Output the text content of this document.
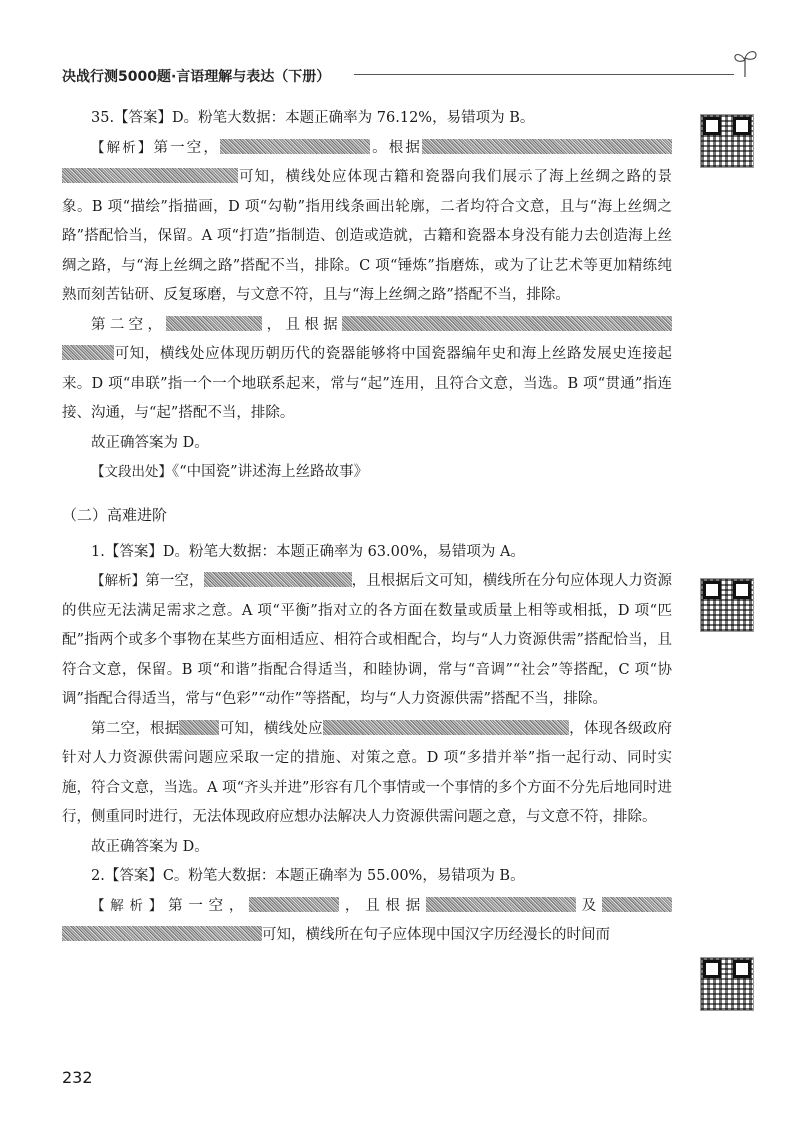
决战行测5000题·言语理解与表达（下册）

35.【答案】D。粉笔大数据：本题正确率为 76.12%，易错项为 B。

【解析】第一空，	。根据可知，横线处应体现古籍和瓷器向我们展示了海上丝绸之路的景象。B 项“描绘”指描画，D 项“勾勒”指用线条画出轮廓，二者均符合文意，且与“海上丝绸之路”搭配恰当，保留。A 项“打造”指制造、创造或造就，古籍和瓷器本身没有能力去创造海上丝绸之路，与“海上丝绸之路”搭配不当，排除。C 项“锤炼”指磨炼，或为了让艺术等更加精练纯熟而刻苦钻研、反复琢磨，与文意不符，且与“海上丝绸之路”搭配不当，排除。

第二空，	，且根据可知，横线处应体现历朝历代的瓷器能够将中国瓷器编年史和海上丝路发展史连接起来。D 项“串联”指一个一个地联系起来，常与“起”连用，且符合文意，当选。B 项“贯通”指连接、沟通，与“起”搭配不当，排除。

故正确答案为 D。

【文段出处】《“中国瓷”讲述海上丝路故事》

（二）高难进阶

1.【答案】D。粉笔大数据：本题正确率为 63.00%，易错项为 A。

【解析】第一空，	，且根据后文可知，横线所在分句应体现人力资源的供应无法满足需求之意。A 项“平衡”指对立的各方面在数量或质量上相等或相抵，D 项“匹配”指两个或多个事物在某些方面相适应、相符合或相配合，均与“人力资源供需”搭配恰当，且符合文意，保留。B 项“和谐”指配合得适当，和睦协调，常与“音调”“社会”等搭配，C 项“协调”指配合得适当，常与“色彩”“动作”等搭配，均与“人力资源供需”搭配不当，排除。

第二空，根据	可知，横线处应	，体现各级政府针对人力资源供需问题应采取一定的措施、对策之意。D 项“多措并举”指一起行动、同时实施，符合文意，当选。A 项“齐头并进”形容有几个事情或一个事情的多个方面不分先后地同时进行，侧重同时进行，无法体现政府应想办法解决人力资源供需问题之意，与文意不符，排除。

故正确答案为 D。

2.【答案】C。粉笔大数据：本题正确率为 55.00%，易错项为 B。

【解析】第一空，	，且根据	及可知，横线所在句子应体现中国汉字历经漫长的时间而

232
